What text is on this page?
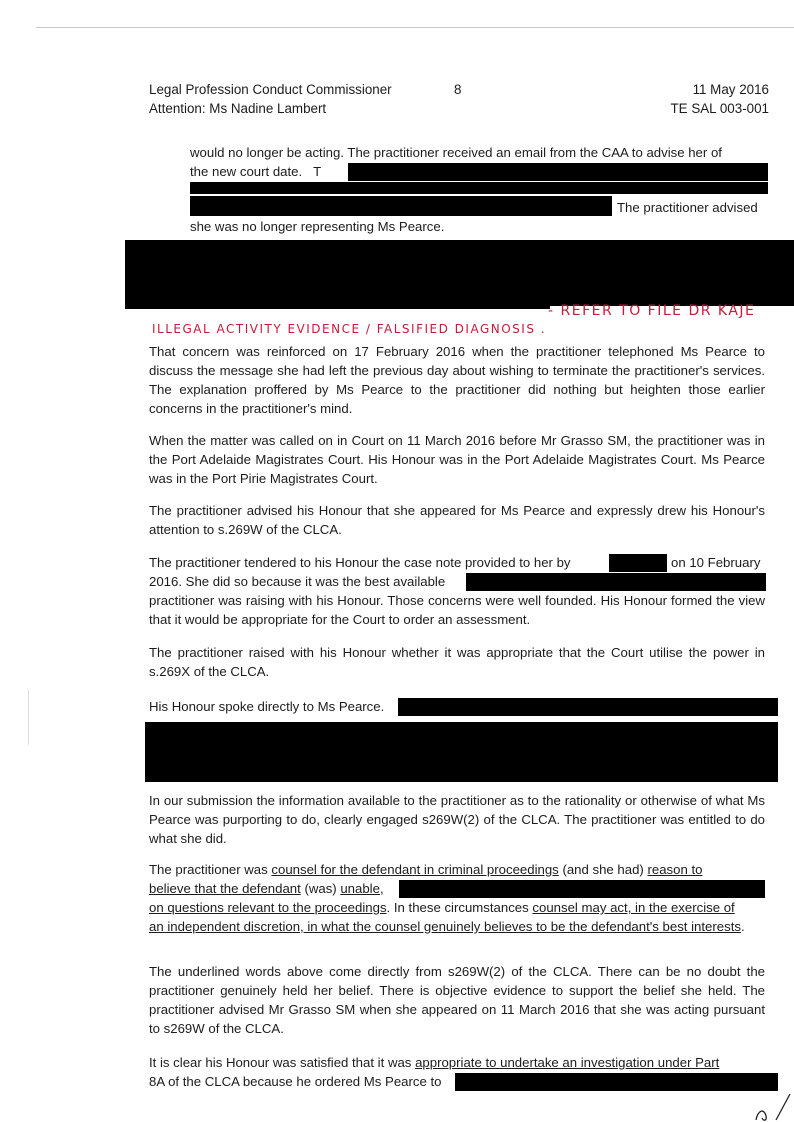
Legal Profession Conduct Commissioner
Attention: Ms Nadine Lambert
8	11 May 2016
TE SAL 003-001
would no longer be acting. The practitioner received an email from the CAA to advise her of
the new court date. T
The practitioner advised
she was no longer representing Ms Pearce.
- REFER TO FILE DR KAJE
ILLEGAL ACTIVITY EVIDENCE / FALSIFIED DIAGNOSIS .
That concern was reinforced on 17 February 2016 when the practitioner telephoned Ms Pearce to discuss the message she had left the previous day about wishing to terminate the practitioner's services. The explanation proffered by Ms Pearce to the practitioner did nothing but heighten those earlier concerns in the practitioner's mind.
When the matter was called on in Court on 11 March 2016 before Mr Grasso SM, the practitioner was in the Port Adelaide Magistrates Court. His Honour was in the Port Adelaide Magistrates Court. Ms Pearce was in the Port Pirie Magistrates Court.
The practitioner advised his Honour that she appeared for Ms Pearce and expressly drew his Honour's attention to s.269W of the CLCA.
The practitioner tendered to his Honour the case note provided to her by	on 10 February
2016. She did so because it was the best available
practitioner was raising with his Honour. Those concerns were well founded. His Honour formed the view that it would be appropriate for the Court to order an assessment.
The practitioner raised with his Honour whether it was appropriate that the Court utilise the power in s.269X of the CLCA.
His Honour spoke directly to Ms Pearce.
In our submission the information available to the practitioner as to the rationality or otherwise of what Ms Pearce was purporting to do, clearly engaged s269W(2) of the CLCA. The practitioner was entitled to do what she did.
The practitioner was counsel for the defendant in criminal proceedings (and she had) reason to
believe that the defendant (was) unable,
on questions relevant to the proceedings. In these circumstances counsel may act, in the exercise of
an independent discretion, in what the counsel genuinely believes to be the defendant's best interests.
The underlined words above come directly from s269W(2) of the CLCA. There can be no doubt the practitioner genuinely held her belief. There is objective evidence to support the belief she held. The practitioner advised Mr Grasso SM when she appeared on 11 March 2016 that she was acting pursuant to s269W of the CLCA.
It is clear his Honour was satisfied that it was appropriate to undertake an investigation under Part
8A of the CLCA because he ordered Ms Pearce to
